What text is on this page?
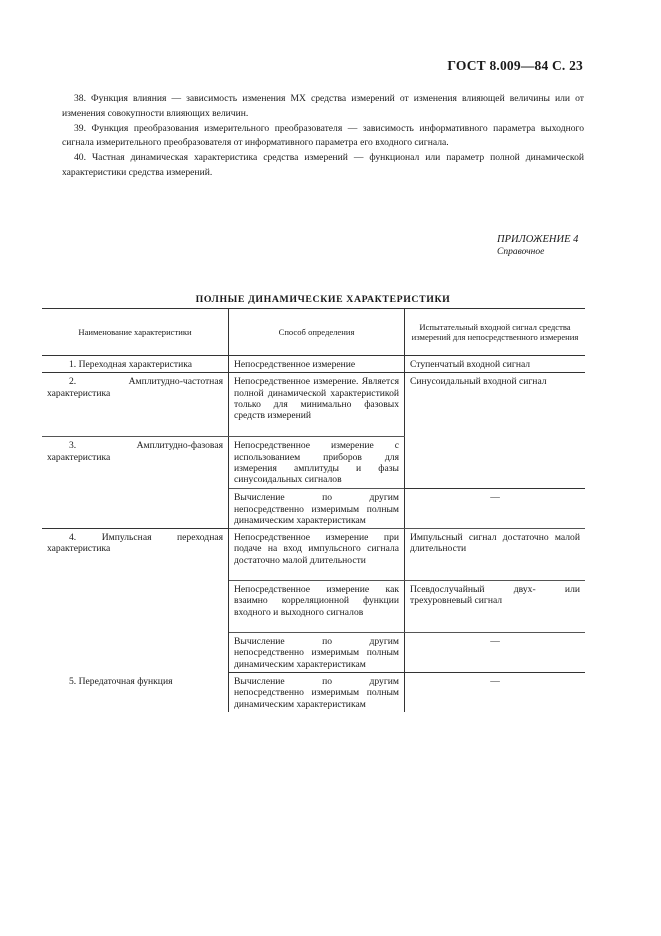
ГОСТ 8.009—84 С. 23

38. Функция влияния — зависимость изменения МХ средства измерений от изменения влияющей величины или от изменения совокупности влияющих величин.

39. Функция преобразования измерительного преобразователя — зависимость информативного параметра выходного сигнала измерительного преобразователя от информативного параметра его входного сигнала.

40. Частная динамическая характеристика средства измерений — функционал или параметр полной динамической характеристики средства измерений.

ПРИЛОЖЕНИЕ 4
Справочное
ПОЛНЫЕ ДИНАМИЧЕСКИЕ ХАРАКТЕРИСТИКИ
Наименование характеристики	Способ определения	Испытательный входной сигнал средства измерений для непосредственного измерения
1. Переходная характеристика	Непосредственное измерение	Ступенчатый входной сигнал
2. Амплитудно-частотная характеристика	Непосредственное измерение. Является полной динамической характеристикой только для минимально фазовых средств измерений	Синусоидальный входной сигнал
3. Амплитудно-фазовая характеристика	Непосредственное измерение с использованием приборов для измерения амплитуды и фазы синусоидальных сигналов	
	Вычисление по другим непосредственно измеримым полным динамическим характеристикам	—
4. Импульсная переходная характеристика	Непосредственное измерение при подаче на вход импульсного сигнала достаточно малой длительности	Импульсный сигнал достаточно малой длительности
	Непосредственное измерение как взаимно корреляционной функции входного и выходного сигналов	Псевдослучайный двух- или трехуровневый сигнал
	Вычисление по другим непосредственно измеримым полным динамическим характеристикам	—
5. Передаточная функция	Вычисление по другим непосредственно измеримым полным динамическим характеристикам	—
